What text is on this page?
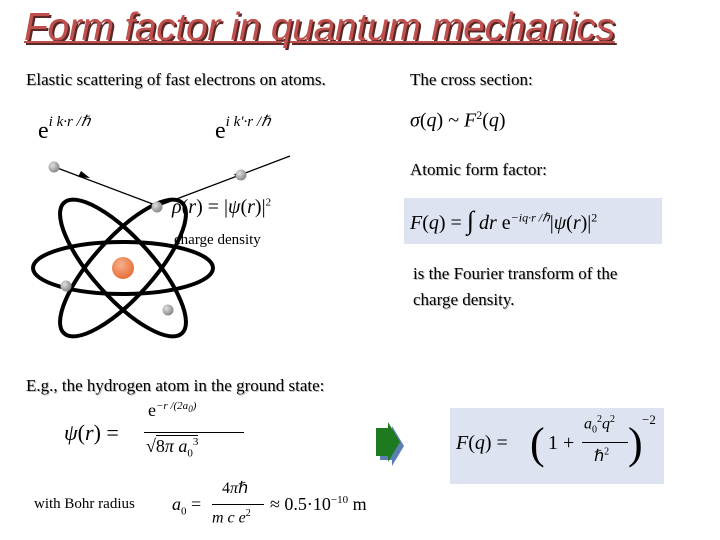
Form factor in quantum mechanics
Elastic scattering of fast electrons on atoms.	The cross section:
Atomic form factor:
is the Fourier transform of the
charge density.
$e^{i k\cdot r /\hbar}$	$e^{i k'\cdot r /\hbar}$
$\rho(r) = |\psi(r)|^2$
charge density
σ(q) ~ $F^2(q)$
F(q) = ∫ dr $e^{-iq\cdot r /\hbar}|\psi(r)|^2$
E.g., the hydrogen atom in the ground state:
ψ(r) =
$e^{-r /(2a_0)}$
√8π $a_0^3$	F(q) = ( 1 +
$a_0^2q^2$
ℏ$^2$ ) −2
with Bohr radius $a_0$ =
4πℏ
m c $e^2 \approx 0.5\cdot 10^{-10}$ m
